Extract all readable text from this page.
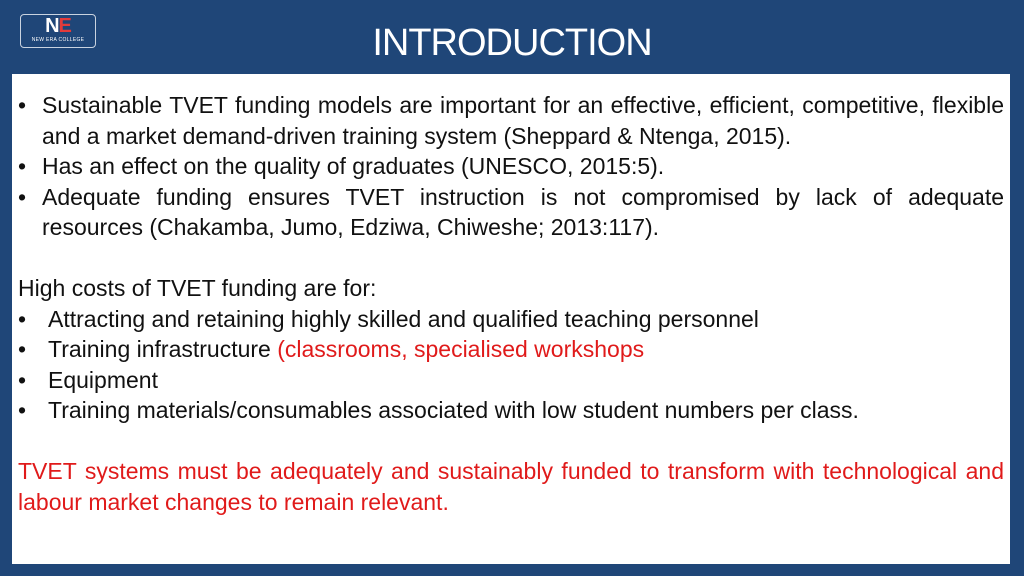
NE
NEW ERA COLLEGE	INTRODUCTION
• Sustainable TVET funding models are important for an effective, efficient, competitive, flexible and a market demand-driven training system (Sheppard & Ntenga, 2015).
• Has an effect on the quality of graduates (UNESCO, 2015:5).
• Adequate funding ensures TVET instruction is not compromised by lack of adequate resources (Chakamba, Jumo, Edziwa, Chiweshe; 2013:117).
High costs of TVET funding are for:
• Attracting and retaining highly skilled and qualified teaching personnel
• Training infrastructure (classrooms, specialised workshops
• Equipment
• Training materials/consumables associated with low student numbers per class.
TVET systems must be adequately and sustainably funded to transform with technological and labour market changes to remain relevant.
